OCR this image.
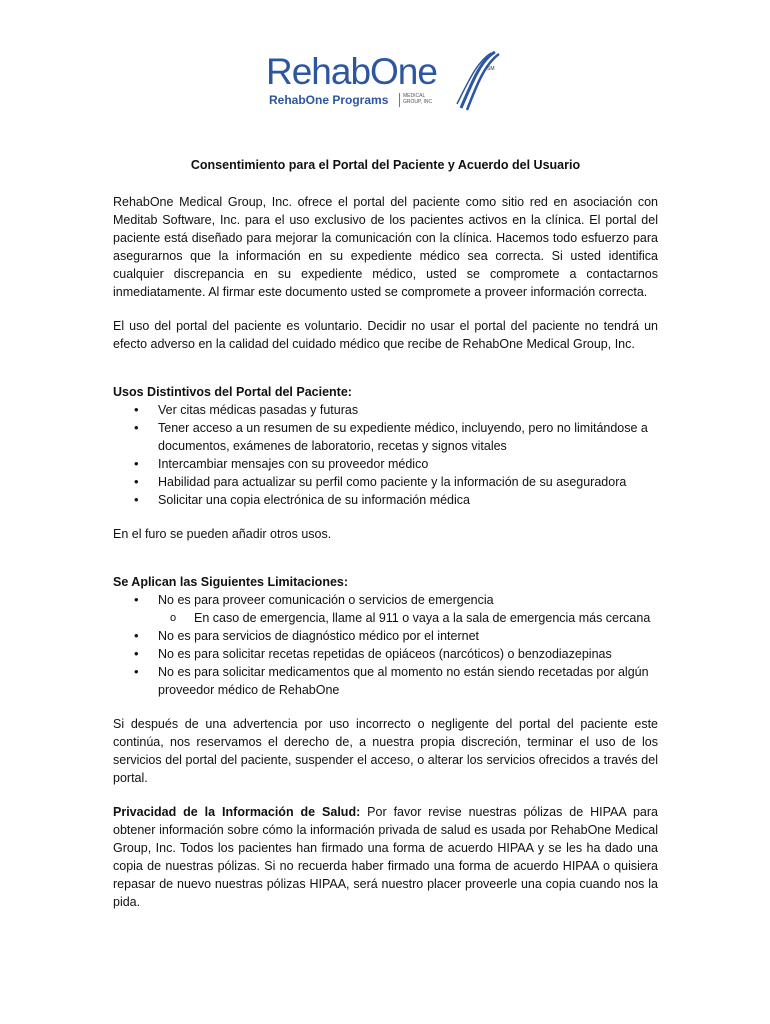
RehabOne	SM
RehabOne Programs	MEDICAL
GROUP, INC
Consentimiento para el Portal del Paciente y Acuerdo del Usuario

RehabOne Medical Group, Inc. ofrece el portal del paciente como sitio red en asociación con Meditab Software, Inc. para el uso exclusivo de los pacientes activos en la clínica. El portal del paciente está diseñado para mejorar la comunicación con la clínica. Hacemos todo esfuerzo para asegurarnos que la información en su expediente médico sea correcta. Si usted identifica cualquier discrepancia en su expediente médico, usted se compromete a contactarnos inmediatamente. Al firmar este documento usted se compromete a proveer información correcta.

El uso del portal del paciente es voluntario. Decidir no usar el portal del paciente no tendrá un efecto adverso en la calidad del cuidado médico que recibe de RehabOne Medical Group, Inc.

Usos Distintivos del Portal del Paciente:
• Ver citas médicas pasadas y futuras
• Tener acceso a un resumen de su expediente médico, incluyendo, pero no limitándose a documentos, exámenes de laboratorio, recetas y signos vitales
• Intercambiar mensajes con su proveedor médico
• Habilidad para actualizar su perfil como paciente y la información de su aseguradora
• Solicitar una copia electrónica de su información médica

En el furo se pueden añadir otros usos.

Se Aplican las Siguientes Limitaciones:
• No es para proveer comunicación o servicios de emergencia
o En caso de emergencia, llame al 911 o vaya a la sala de emergencia más cercana
• No es para servicios de diagnóstico médico por el internet
• No es para solicitar recetas repetidas de opiáceos (narcóticos) o benzodiazepinas
• No es para solicitar medicamentos que al momento no están siendo recetadas por algún proveedor médico de RehabOne

Si después de una advertencia por uso incorrecto o negligente del portal del paciente este continúa, nos reservamos el derecho de, a nuestra propia discreción, terminar el uso de los servicios del portal del paciente, suspender el acceso, o alterar los servicios ofrecidos a través del portal.

Privacidad de la Información de Salud: Por favor revise nuestras pólizas de HIPAA para obtener información sobre cómo la información privada de salud es usada por RehabOne Medical Group, Inc. Todos los pacientes han firmado una forma de acuerdo HIPAA y se les ha dado una copia de nuestras pólizas. Si no recuerda haber firmado una forma de acuerdo HIPAA o quisiera repasar de nuevo nuestras pólizas HIPAA, será nuestro placer proveerle una copia cuando nos la pida.
